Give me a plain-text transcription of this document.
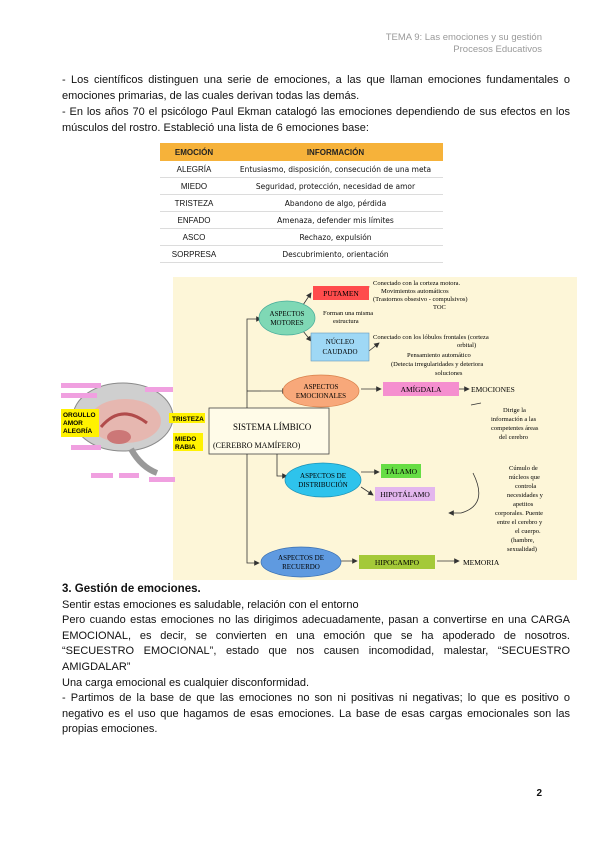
TEMA 9: Las emociones y su gestión
Procesos Educativos
- Los científicos distinguen una serie de emociones, a las que llaman emociones fundamentales o emociones primarias, de las cuales derivan todas las demás.
- En los años 70 el psicólogo Paul Ekman catalogó las emociones dependiendo de sus efectos en los músculos del rostro. Estableció una lista de 6 emociones base:
EMOCIÓN	INFORMACIÓN
ALEGRÍA	Entusiasmo, disposición, consecución de una meta
MIEDO	Seguridad, protección, necesidad de amor
TRISTEZA	Abandono de algo, pérdida
ENFADO	Amenaza, defender mis límites
ASCO	Rechazo, expulsión
SORPRESA	Descubrimiento, orientación
ORGULLO
AMOR
ALEGRÍA
TRISTEZA
MIEDO
RABIA
SISTEMA LÍMBICO
(CEREBRO MAMÍFERO)
ASPECTOS
MOTORES
PUTAMEN
Conectado con la corteza motora.
Movimientos automáticos
(Trastornos obsesivo - compulsivos)
TOC
Forman una misma
estructura
NÚCLEO
CAUDADO
Conectado con los lóbulos frontales (corteza
orbital)
Pensamiento automático
(Detecta irregularidades y deteriora
soluciones
ASPECTOS
EMOCIONALES
AMÍGDALA	EMOCIONES
Dirige la
información a las
competentes áreas
del cerebro
ASPECTOS DE
DISTRIBUCIÓN
TÁLAMO
HIPOTÁLAMO
Cúmulo de
núcleos que
controla
necesidades y
apetitos
corporales. Puente
entre el cerebro y
el cuerpo.
(hambre,
sexualidad)
ASPECTOS DE
RECUERDO	HIPOCAMPO	MEMORIA
3. Gestión de emociones.

Sentir estas emociones es saludable, relación con el entorno

Pero cuando estas emociones no las dirigimos adecuadamente, pasan a convertirse en una CARGA EMOCIONAL, es decir, se convierten en una emoción que se ha apoderado de nosotros. “SECUESTRO EMOCIONAL”, estado que nos causen incomodidad, malestar, “SECUESTRO AMIGDALAR”

Una carga emocional es cualquier disconformidad.

- Partimos de la base de que las emociones no son ni positivas ni negativas; lo que es positivo o negativo es el uso que hagamos de esas emociones. La base de esas cargas emocionales son las propias emociones.

2
